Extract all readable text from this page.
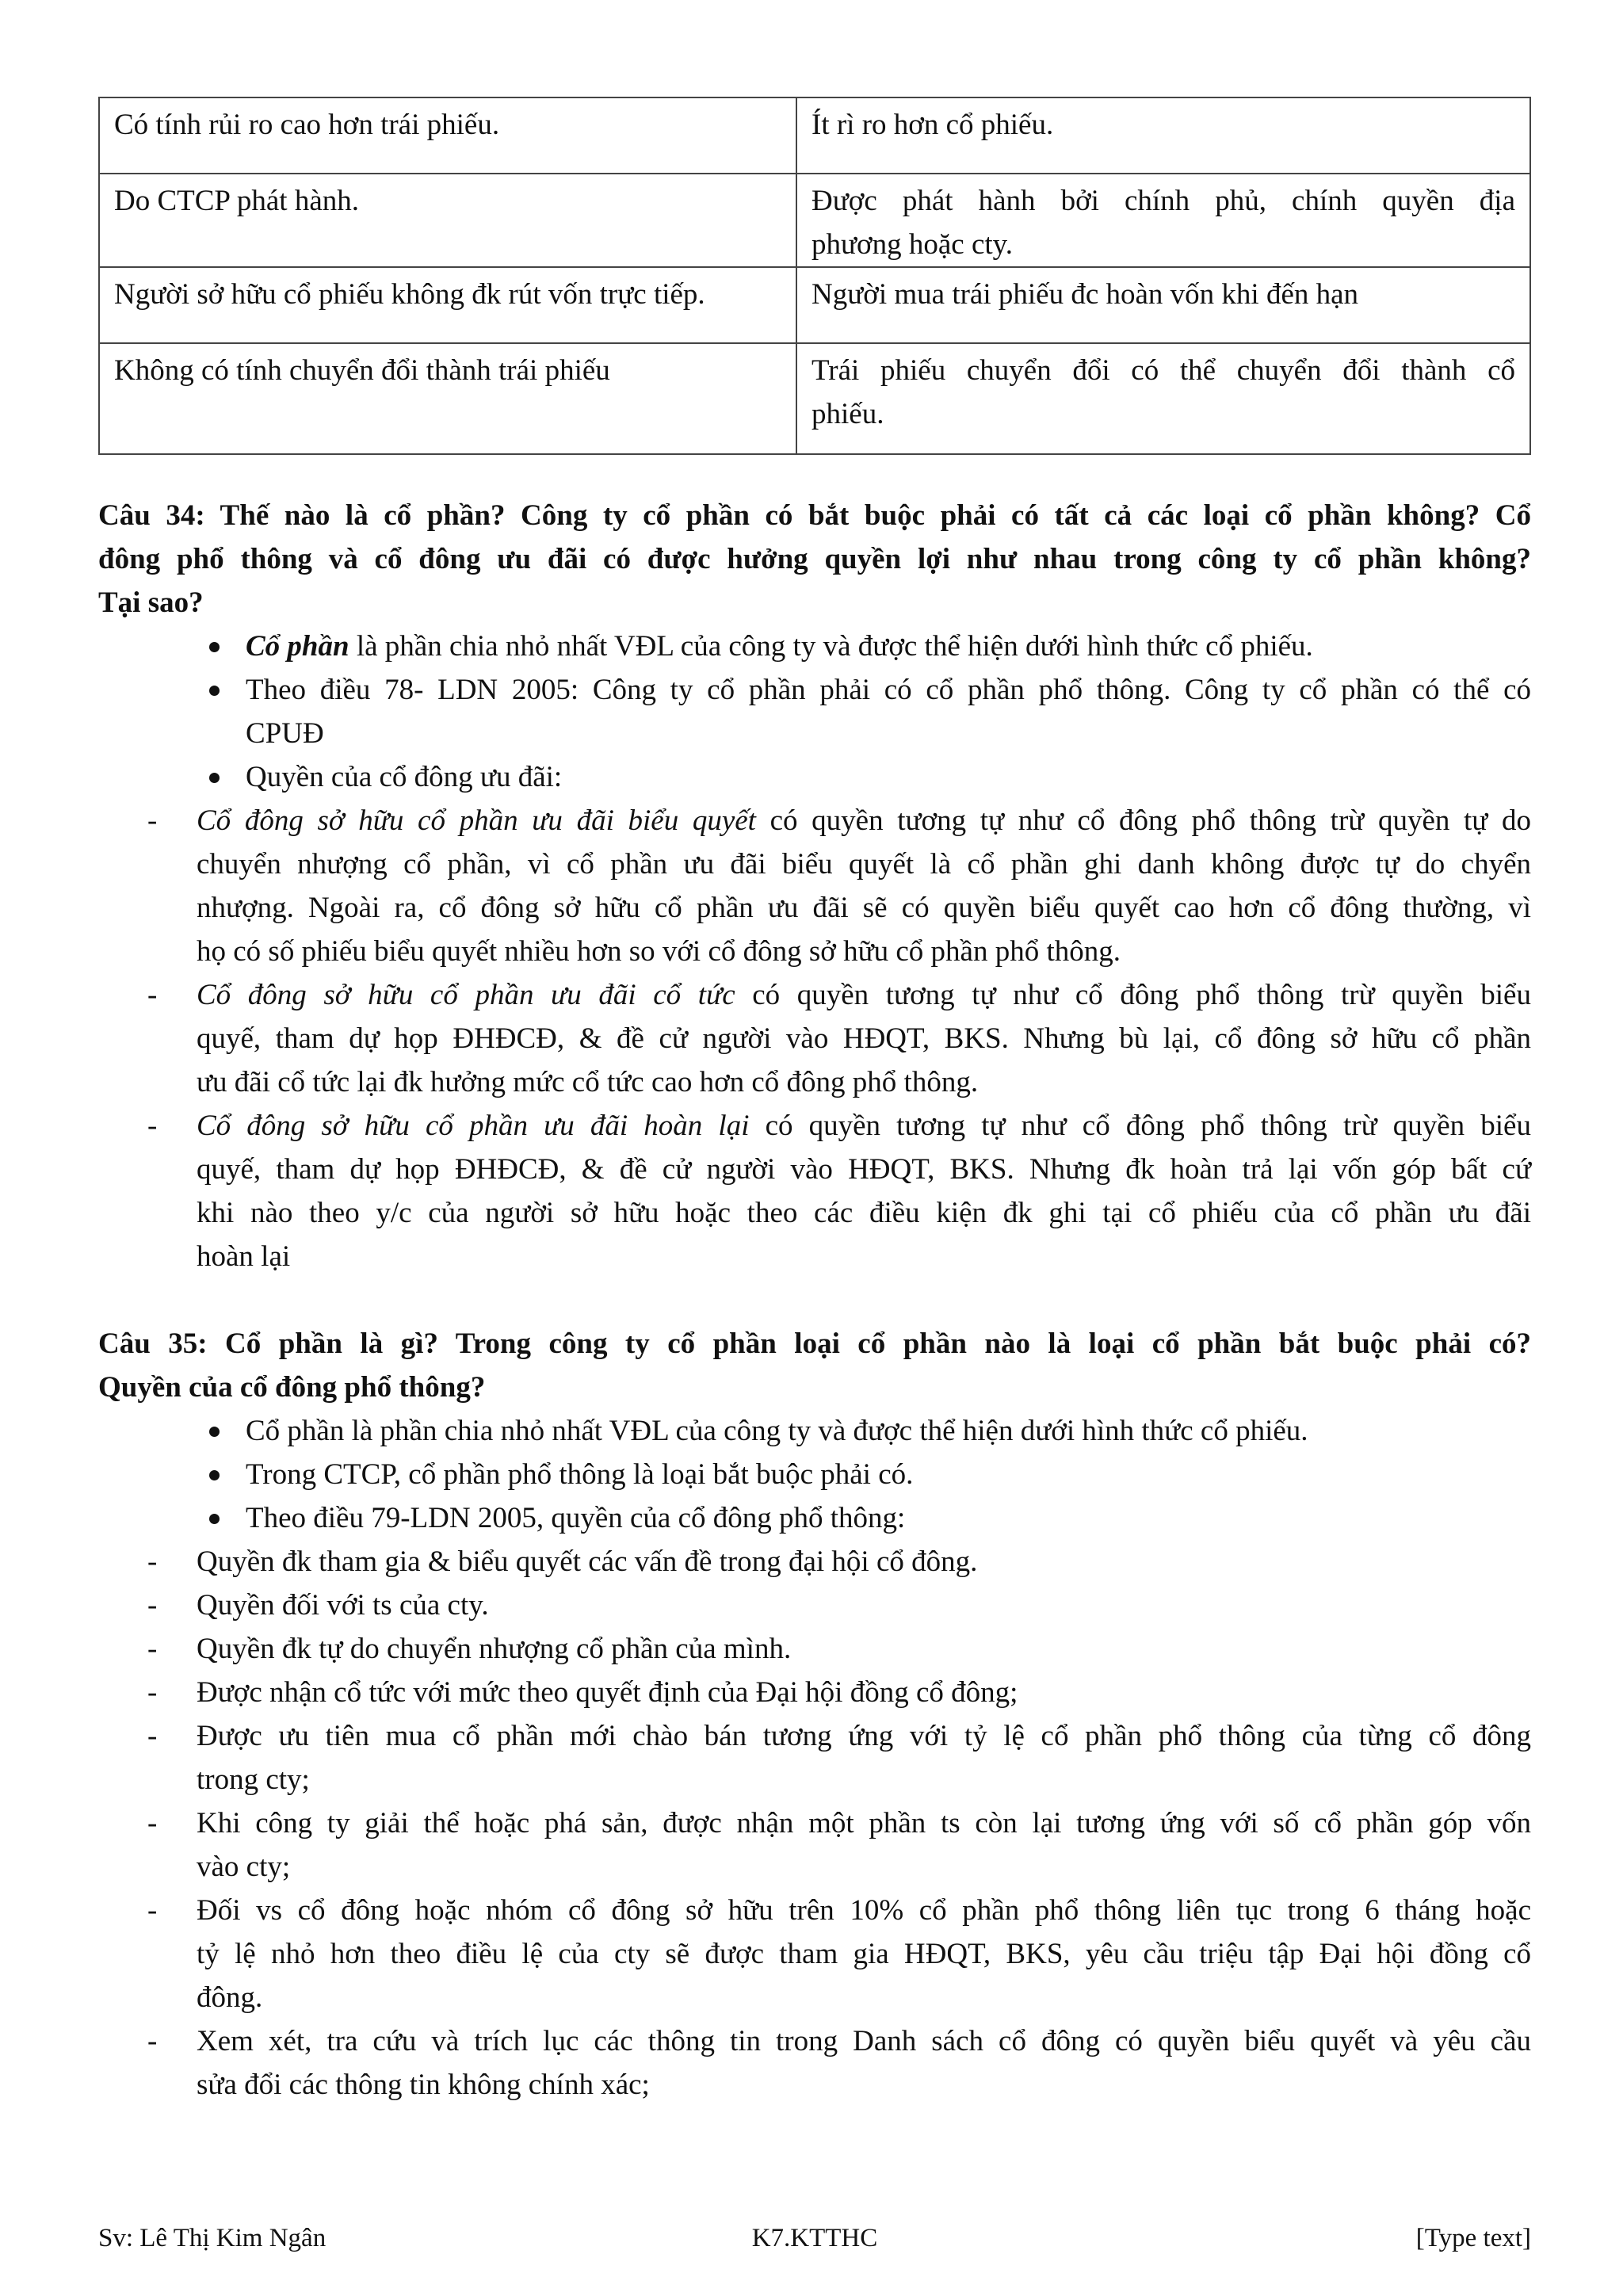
Có tính rủi ro cao hơn trái phiếu.	Ít rì ro hơn cổ phiếu.
Do CTCP phát hành.	Được phát hành bởi chính phủ, chính quyền địa
phương hoặc cty.
Người sở hữu cổ phiếu không đk rút vốn trực tiếp.	Người mua trái phiếu đc hoàn vốn khi đến hạn
Không có tính chuyển đổi thành trái phiếu	Trái phiếu chuyển đổi có thể chuyển đổi thành cổ
phiếu.
Câu 34: Thế nào là cổ phần? Công ty cổ phần có bắt buộc phải có tất cả các loại cổ phần không? Cổ
đông phổ thông và cổ đông ưu đãi có được hưởng quyền lợi như nhau trong công ty cổ phần không?
Tại sao?
Cổ phần là phần chia nhỏ nhất VĐL của công ty và được thể hiện dưới hình thức cổ phiếu.
Theo điều 78- LDN 2005: Công ty cổ phần phải có cổ phần phổ thông. Công ty cổ phần có thể có
CPUĐ
Quyền của cổ đông ưu đãi:
- Cổ đông sở hữu cổ phần ưu đãi biểu quyết có quyền tương tự như cổ đông phổ thông trừ quyền tự do
chuyển nhượng cổ phần, vì cổ phần ưu đãi biểu quyết là cổ phần ghi danh không được tự do chyển
nhượng. Ngoài ra, cổ đông sở hữu cổ phần ưu đãi sẽ có quyền biểu quyết cao hơn cổ đông thường, vì
họ có số phiếu biểu quyết nhiều hơn so với cổ đông sở hữu cổ phần phổ thông.
- Cổ đông sở hữu cổ phần ưu đãi cổ tức có quyền tương tự như cổ đông phổ thông trừ quyền biểu
quyế, tham dự họp ĐHĐCĐ, & đề cử người vào HĐQT, BKS. Nhưng bù lại, cổ đông sở hữu cổ phần
ưu đãi cổ tức lại đk hưởng mức cổ tức cao hơn cổ đông phổ thông.
- Cổ đông sở hữu cổ phần ưu đãi hoàn lại có quyền tương tự như cổ đông phổ thông trừ quyền biểu
quyế, tham dự họp ĐHĐCĐ, & đề cử người vào HĐQT, BKS. Nhưng đk hoàn trả lại vốn góp bất cứ
khi nào theo y/c của người sở hữu hoặc theo các điều kiện đk ghi tại cổ phiếu của cổ phần ưu đãi
hoàn lại
Câu 35: Cổ phần là gì? Trong công ty cổ phần loại cổ phần nào là loại cổ phần bắt buộc phải có?
Quyền của cổ đông phổ thông?
Cổ phần là phần chia nhỏ nhất VĐL của công ty và được thể hiện dưới hình thức cổ phiếu.
Trong CTCP, cổ phần phổ thông là loại bắt buộc phải có.
Theo điều 79-LDN 2005, quyền của cổ đông phổ thông:
- Quyền đk tham gia & biểu quyết các vấn đề trong đại hội cổ đông.
- Quyền đối với ts của cty.
- Quyền đk tự do chuyển nhượng cổ phần của mình.
- Được nhận cổ tức với mức theo quyết định của Đại hội đồng cổ đông;
- Được ưu tiên mua cổ phần mới chào bán tương ứng với tỷ lệ cổ phần phổ thông của từng cổ đông
trong cty;
- Khi công ty giải thể hoặc phá sản, được nhận một phần ts còn lại tương ứng với số cổ phần góp vốn
vào cty;
- Đối vs cổ đông hoặc nhóm cổ đông sở hữu trên 10% cổ phần phổ thông liên tục trong 6 tháng hoặc
tỷ lệ nhỏ hơn theo điều lệ của cty sẽ được tham gia HĐQT, BKS, yêu cầu triệu tập Đại hội đồng cổ
đông.
- Xem xét, tra cứu và trích lục các thông tin trong Danh sách cổ đông có quyền biểu quyết và yêu cầu
sửa đổi các thông tin không chính xác;
Sv: Lê Thị Kim Ngân	K7.KTTHC	[Type text]
